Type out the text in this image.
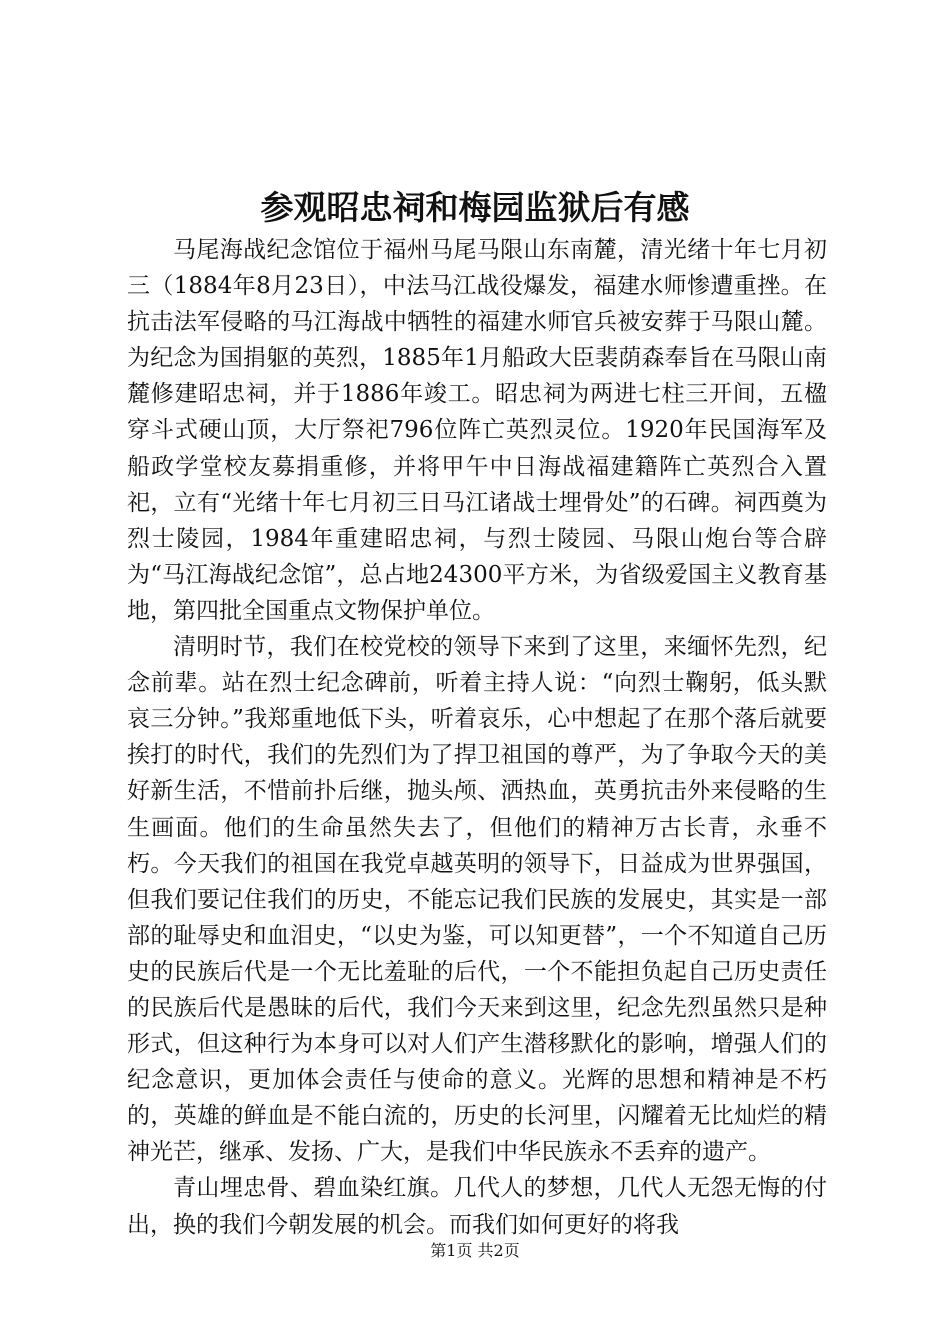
参观昭忠祠和梅园监狱后有感

马尾海战纪念馆位于福州马尾马限山东南麓，清光绪十年七月初三（1884年8月23日），中法马江战役爆发，福建水师惨遭重挫。在抗击法军侵略的马江海战中牺牲的福建水师官兵被安葬于马限山麓。为纪念为国捐躯的英烈，1885年1月船政大臣裴荫森奉旨在马限山南麓修建昭忠祠，并于1886年竣工。昭忠祠为两进七柱三开间，五楹穿斗式硬山顶，大厅祭祀796位阵亡英烈灵位。1920年民国海军及船政学堂校友募捐重修，并将甲午中日海战福建籍阵亡英烈合入置祀，立有“光绪十年七月初三日马江诸战士埋骨处”的石碑。祠西奠为烈士陵园，1984年重建昭忠祠，与烈士陵园、马限山炮台等合辟为“马江海战纪念馆”，总占地24300平方米，为省级爱国主义教育基地，第四批全国重点文物保护单位。

清明时节，我们在校党校的领导下来到了这里，来缅怀先烈，纪念前辈。站在烈士纪念碑前，听着主持人说：“向烈士鞠躬，低头默哀三分钟。”我郑重地低下头，听着哀乐，心中想起了在那个落后就要挨打的时代，我们的先烈们为了捍卫祖国的尊严，为了争取今天的美好新生活，不惜前扑后继，抛头颅、洒热血，英勇抗击外来侵略的生生画面。他们的生命虽然失去了，但他们的精神万古长青，永垂不朽。今天我们的祖国在我党卓越英明的领导下，日益成为世界强国，但我们要记住我们的历史，不能忘记我们民族的发展史，其实是一部部的耻辱史和血泪史，“以史为鉴，可以知更替”，一个不知道自己历史的民族后代是一个无比羞耻的后代，一个不能担负起自己历史责任的民族后代是愚昧的后代，我们今天来到这里，纪念先烈虽然只是种形式，但这种行为本身可以对人们产生潜移默化的影响，增强人们的纪念意识，更加体会责任与使命的意义。光辉的思想和精神是不朽的，英雄的鲜血是不能白流的，历史的长河里，闪耀着无比灿烂的精神光芒，继承、发扬、广大，是我们中华民族永不丢弃的遗产。

青山埋忠骨、碧血染红旗。几代人的梦想，几代人无怨无悔的付出，换的我们今朝发展的机会。而我们如何更好的将我

第1页 共2页
